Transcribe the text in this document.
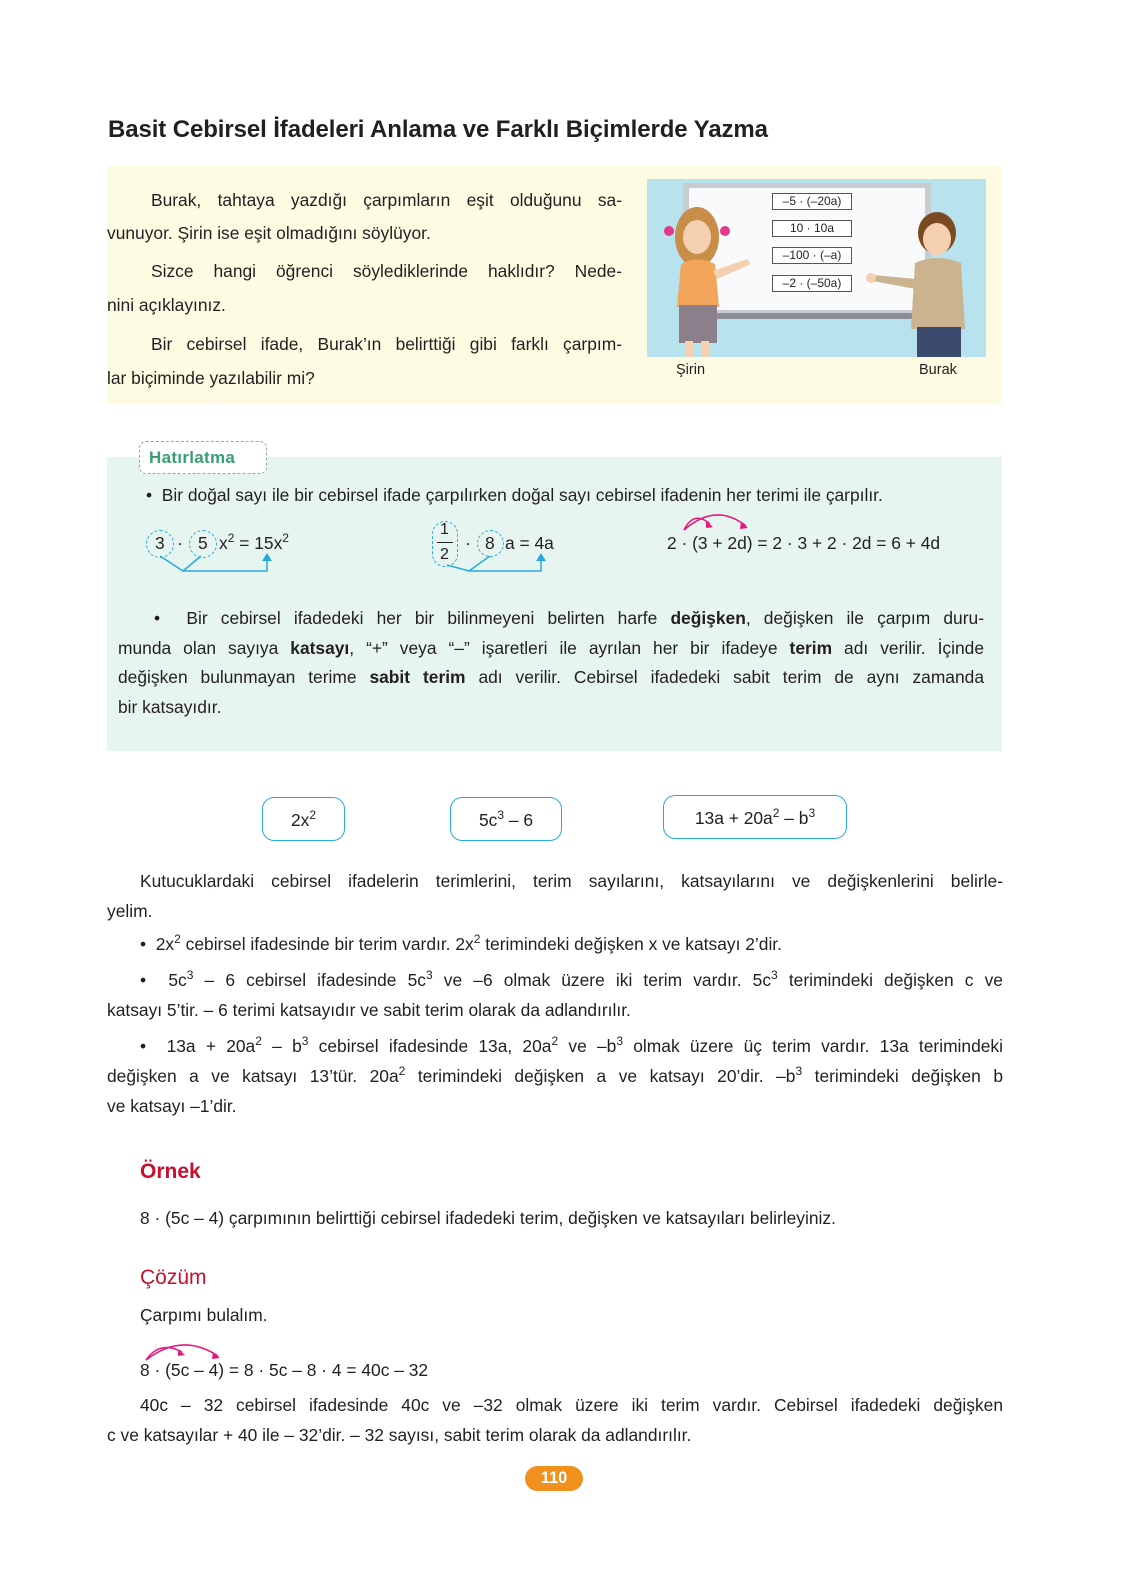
Basit Cebirsel İfadeleri Anlama ve Farklı Biçimlerde Yazma
Burak, tahtaya yazdığı çarpımların eşit olduğunu sa-
vunuyor. Şirin ise eşit olmadığını söylüyor.
Sizce hangi öğrenci söylediklerinde haklıdır? Nede-
nini açıklayınız.
Bir cebirsel ifade, Burak’ın belirttiği gibi farklı çarpım-
lar biçiminde yazılabilir mi?
–5 · (–20a)
10 · 10a
–100 · (–a)
–2 · (–50a)
Şirin	Burak
Hatırlatma
•  Bir doğal sayı ile bir cebirsel ifade çarpılırken doğal sayı cebirsel ifadenin her terimi ile çarpılır.
3 · 5 $x^2 = 15x^2$	1
2
· 8 a = 4a	2 · (3 + 2d) = 2 · 3 + 2 · 2d = 6 + 4d
•  Bir cebirsel ifadedeki her bir bilinmeyeni belirten harfe değişken, değişken ile çarpım duru-
munda olan sayıya katsayı, “+” veya “–” işaretleri ile ayrılan her bir ifadeye terim adı verilir. İçinde
değişken bulunmayan terime sabit terim adı verilir. Cebirsel ifadedeki sabit terim de aynı zamanda
bir katsayıdır.
$2x^2$	$5c^3 - 6$	$13a + 20a^2 - b^3$
Kutucuklardaki cebirsel ifadelerin terimlerini, terim sayılarını, katsayılarını ve değişkenlerini belirle-
yelim.
•  $2x^2$ cebirsel ifadesinde bir terim vardır. $2x^2$ terimindeki değişken x ve katsayı 2’dir.
•  $5c^3 - 6$ cebirsel ifadesinde $5c^3$ ve –6 olmak üzere iki terim vardır. $5c^3$ terimindeki değişken c ve
katsayı 5’tir. – 6 terimi katsayıdır ve sabit terim olarak da adlandırılır.
•  $13a + 20a^2 - b^3$ cebirsel ifadesinde 13a, $20a^2$ ve $-b^3$ olmak üzere üç terim vardır. 13a terimindeki
değişken a ve katsayı 13’tür. $20a^2$ terimindeki değişken a ve katsayı 20’dir. $-b^3$ terimindeki değişken b
ve katsayı –1’dir.
Örnek
8 · (5c – 4) çarpımının belirttiği cebirsel ifadedeki terim, değişken ve katsayıları belirleyiniz.
Çözüm
Çarpımı bulalım.
8 · (5c – 4) = 8 · 5c – 8 · 4 = 40c – 32
40c – 32 cebirsel ifadesinde 40c ve –32 olmak üzere iki terim vardır. Cebirsel ifadedeki değişken
c ve katsayılar + 40 ile – 32’dir. – 32 sayısı, sabit terim olarak da adlandırılır.
110
